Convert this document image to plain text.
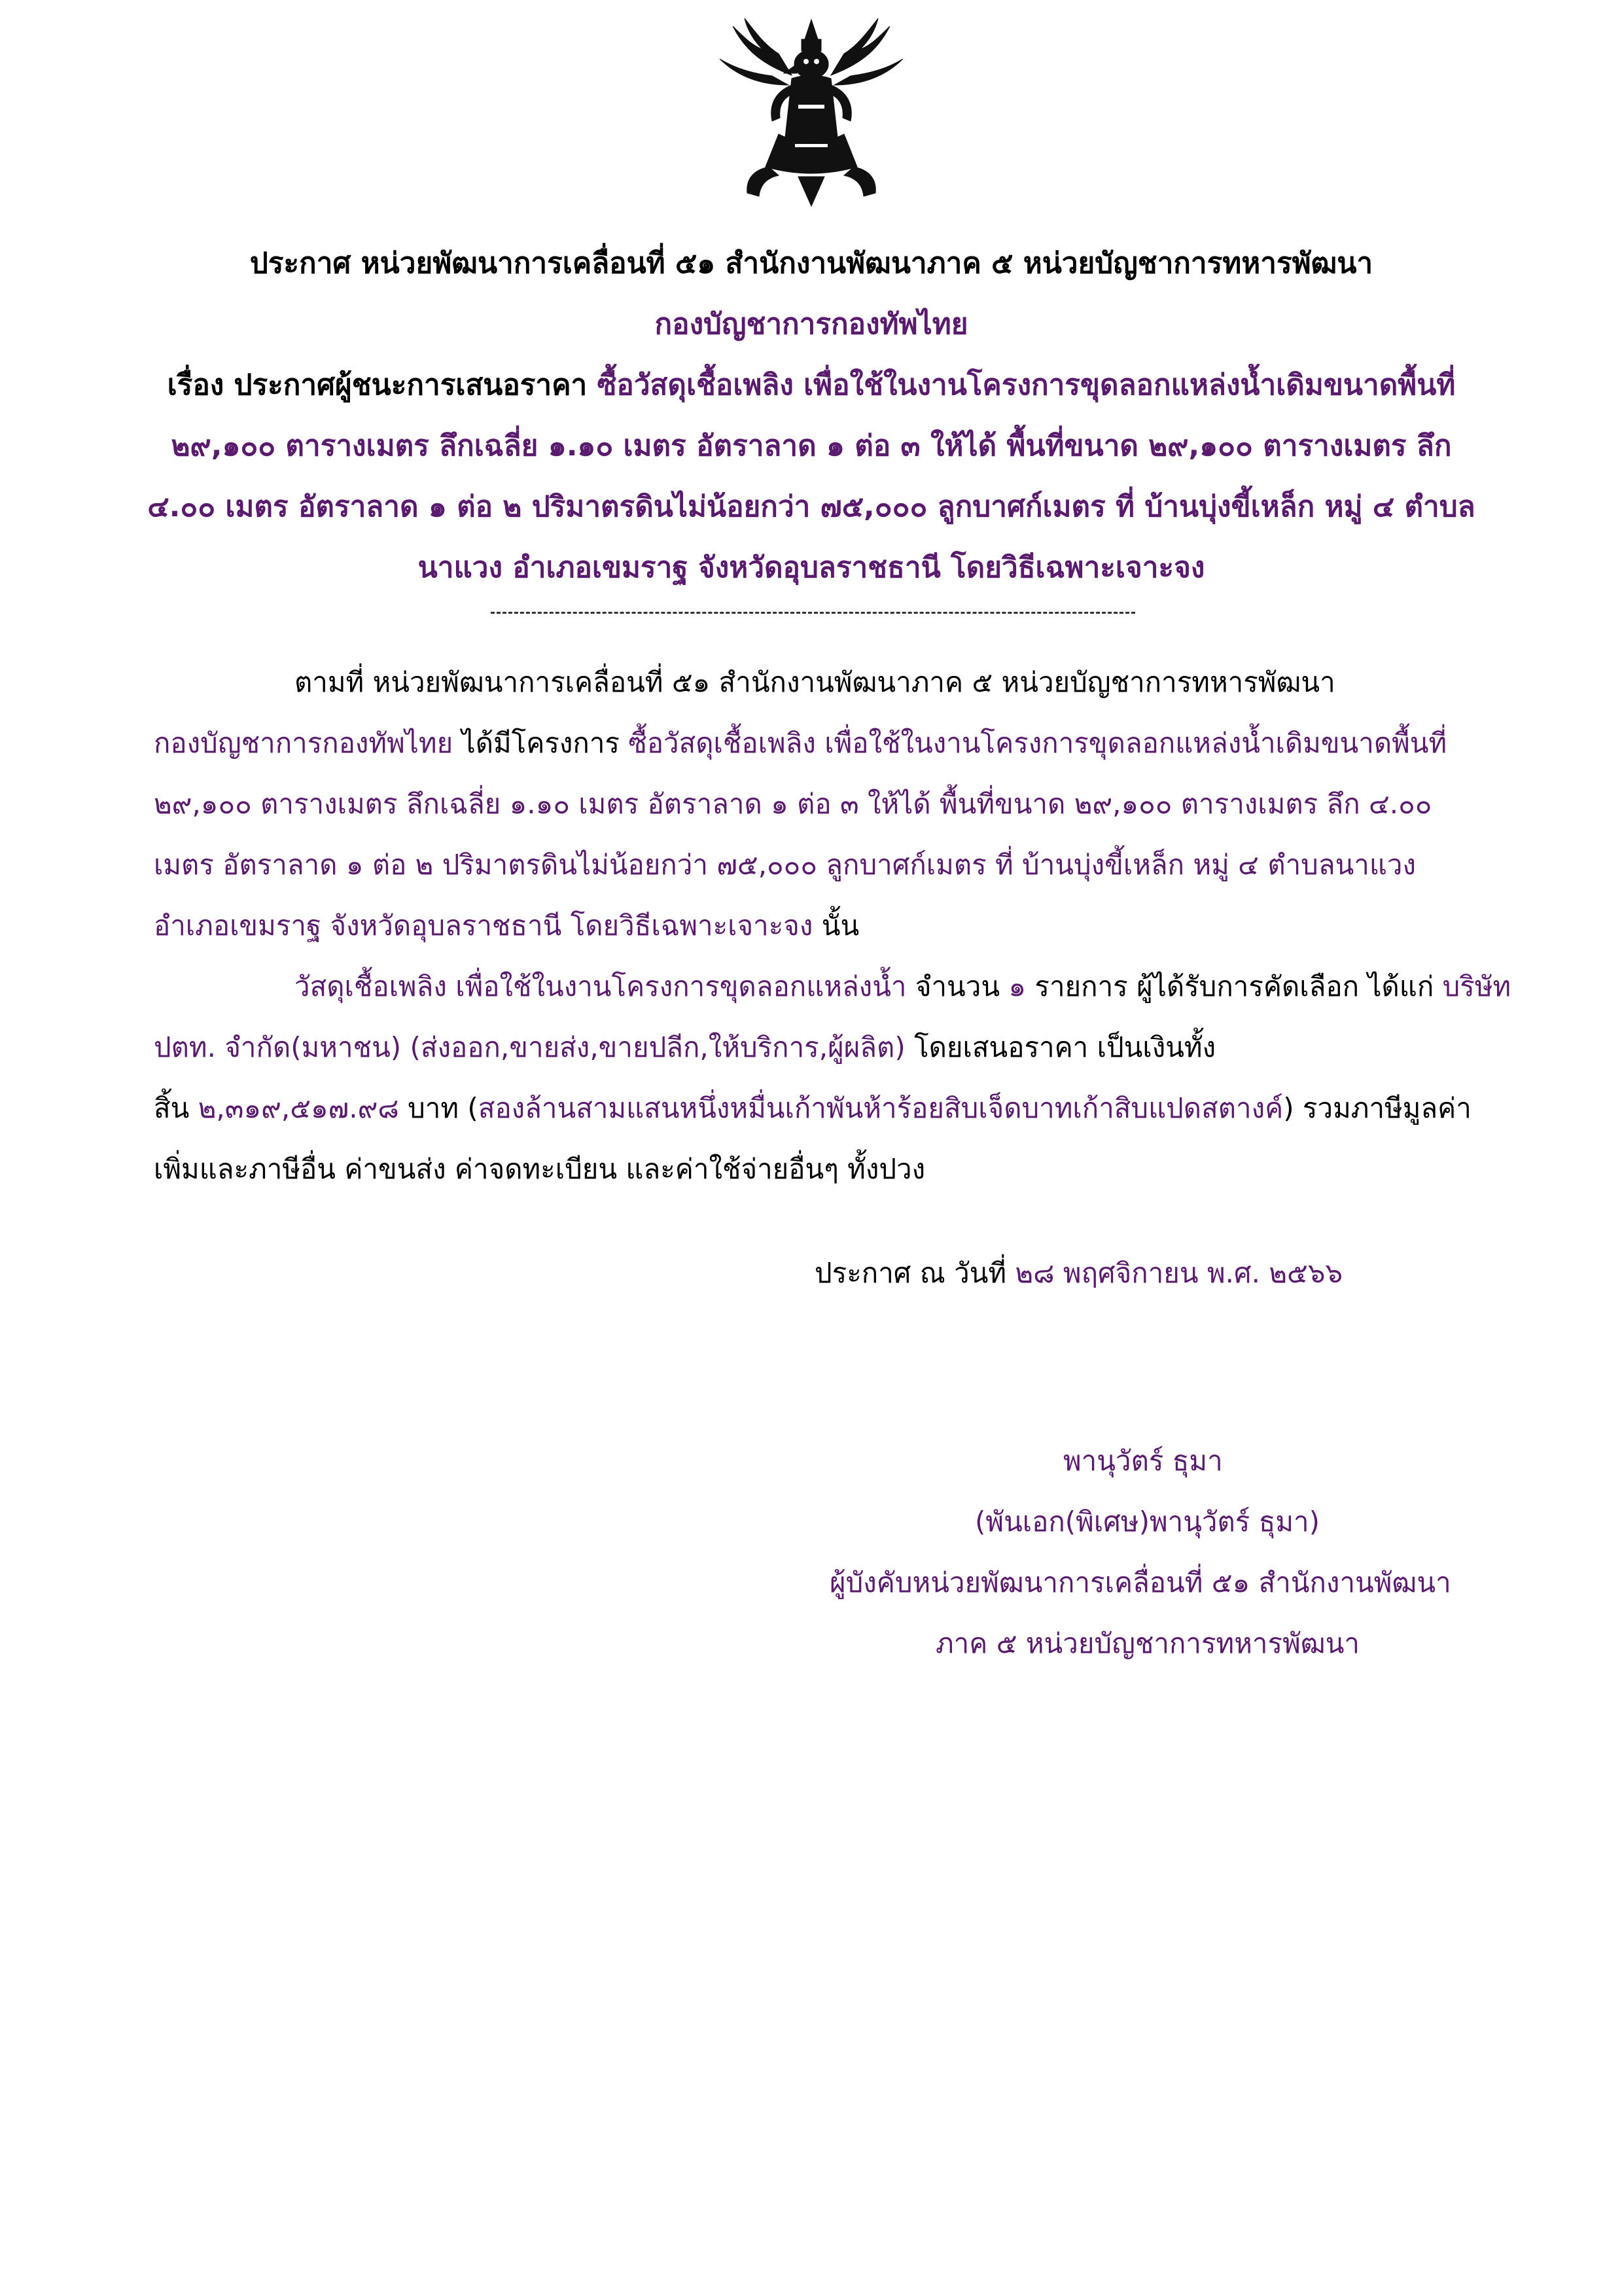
ประกาศ หน่วยพัฒนาการเคลื่อนที่ ๕๑ สำนักงานพัฒนาภาค ๕ หน่วยบัญชาการทหารพัฒนา
กองบัญชาการกองทัพไทย
เรื่อง ประกาศผู้ชนะการเสนอราคา ซื้อวัสดุเชื้อเพลิง เพื่อใช้ในงานโครงการขุดลอกแหล่งน้ำเดิมขนาดพื้นที่
๒๙,๑๐๐ ตารางเมตร ลึกเฉลี่ย ๑.๑๐ เมตร อัตราลาด ๑ ต่อ ๓ ให้ได้ พื้นที่ขนาด ๒๙,๑๐๐ ตารางเมตร ลึก
๔.๐๐ เมตร อัตราลาด ๑ ต่อ ๒ ปริมาตรดินไม่น้อยกว่า ๗๕,๐๐๐ ลูกบาศก์เมตร ที่ บ้านบุ่งขี้เหล็ก หมู่ ๔ ตำบล
นาแวง อำเภอเขมราฐ จังหวัดอุบลราชธานี โดยวิธีเฉพาะเจาะจง
ตามที่ หน่วยพัฒนาการเคลื่อนที่ ๕๑ สำนักงานพัฒนาภาค ๕ หน่วยบัญชาการทหารพัฒนา
กองบัญชาการกองทัพไทย ได้มีโครงการ ซื้อวัสดุเชื้อเพลิง เพื่อใช้ในงานโครงการขุดลอกแหล่งน้ำเดิมขนาดพื้นที่
๒๙,๑๐๐ ตารางเมตร ลึกเฉลี่ย ๑.๑๐ เมตร อัตราลาด ๑ ต่อ ๓ ให้ได้ พื้นที่ขนาด ๒๙,๑๐๐ ตารางเมตร ลึก ๔.๐๐
เมตร อัตราลาด ๑ ต่อ ๒ ปริมาตรดินไม่น้อยกว่า ๗๕,๐๐๐ ลูกบาศก์เมตร ที่ บ้านบุ่งขี้เหล็ก หมู่ ๔ ตำบลนาแวง
อำเภอเขมราฐ จังหวัดอุบลราชธานี โดยวิธีเฉพาะเจาะจง นั้น
วัสดุเชื้อเพลิง เพื่อใช้ในงานโครงการขุดลอกแหล่งน้ำ จำนวน ๑ รายการ ผู้ได้รับการคัดเลือก ได้แก่ บริษัท
ปตท. จำกัด(มหาชน) (ส่งออก,ขายส่ง,ขายปลีก,ให้บริการ,ผู้ผลิต) โดยเสนอราคา เป็นเงินทั้ง
สิ้น ๒,๓๑๙,๕๑๗.๙๘ บาท (สองล้านสามแสนหนึ่งหมื่นเก้าพันห้าร้อยสิบเจ็ดบาทเก้าสิบแปดสตางค์) รวมภาษีมูลค่า
เพิ่มและภาษีอื่น ค่าขนส่ง ค่าจดทะเบียน และค่าใช้จ่ายอื่นๆ ทั้งปวง
ประกาศ ณ วันที่ ๒๘ พฤศจิกายน พ.ศ. ๒๕๖๖
พานุวัตร์ ธุมา
(พันเอก(พิเศษ)พานุวัตร์ ธุมา)
ผู้บังคับหน่วยพัฒนาการเคลื่อนที่ ๕๑ สำนักงานพัฒนา
ภาค ๕ หน่วยบัญชาการทหารพัฒนา
